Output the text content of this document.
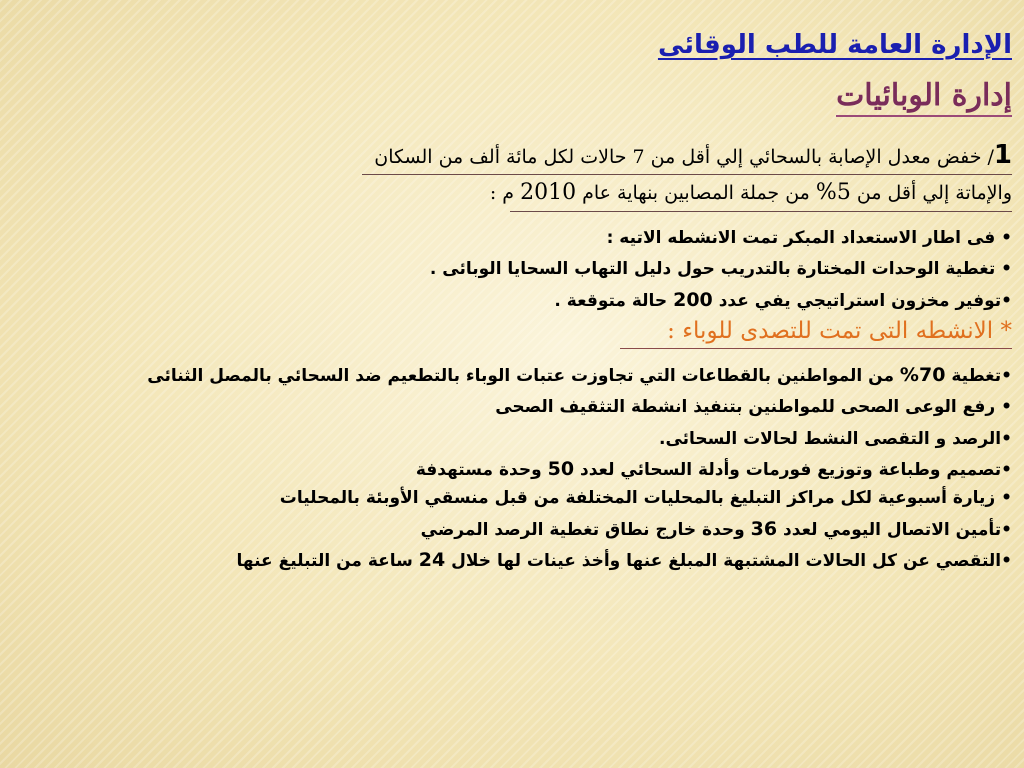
الإدارة العامة للطب الوقائى
إدارة الوبائيات
1/ خفض معدل الإصابة بالسحائي إلي أقل من 7 حالات لكل مائة ألف من السكان
والإماتة إلي أقل من 5% من جملة المصابين بنهاية عام 2010 م :
• فى اطار الاستعداد المبكر تمت الانشطه الاتيه :
• تغطية الوحدات المختارة بالتدريب حول دليل التهاب السحايا الوبائى .
•توفير مخزون استراتيجي يفي عدد 200 حالة متوقعة .
* الانشطه التى تمت للتصدى للوباء :
•تغطية 70% من المواطنين بالقطاعات التي تجاوزت عتبات الوباء بالتطعيم ضد السحائي بالمصل الثنائى
• رفع الوعى الصحى للمواطنين بتنفيذ انشطة التثقيف الصحى
•الرصد و التقصى النشط لحالات السحائى.
•تصميم وطباعة وتوزيع فورمات وأدلة السحائي لعدد 50 وحدة مستهدفة
• زيارة أسبوعية لكل مراكز التبليغ بالمحليات المختلفة من قبل منسقي الأوبئة بالمحليات
•تأمين الاتصال اليومي لعدد 36 وحدة خارج نطاق تغطية الرصد المرضي
•التقصي عن كل الحالات المشتبهة المبلغ عنها وأخذ عينات لها خلال 24 ساعة من التبليغ عنها
